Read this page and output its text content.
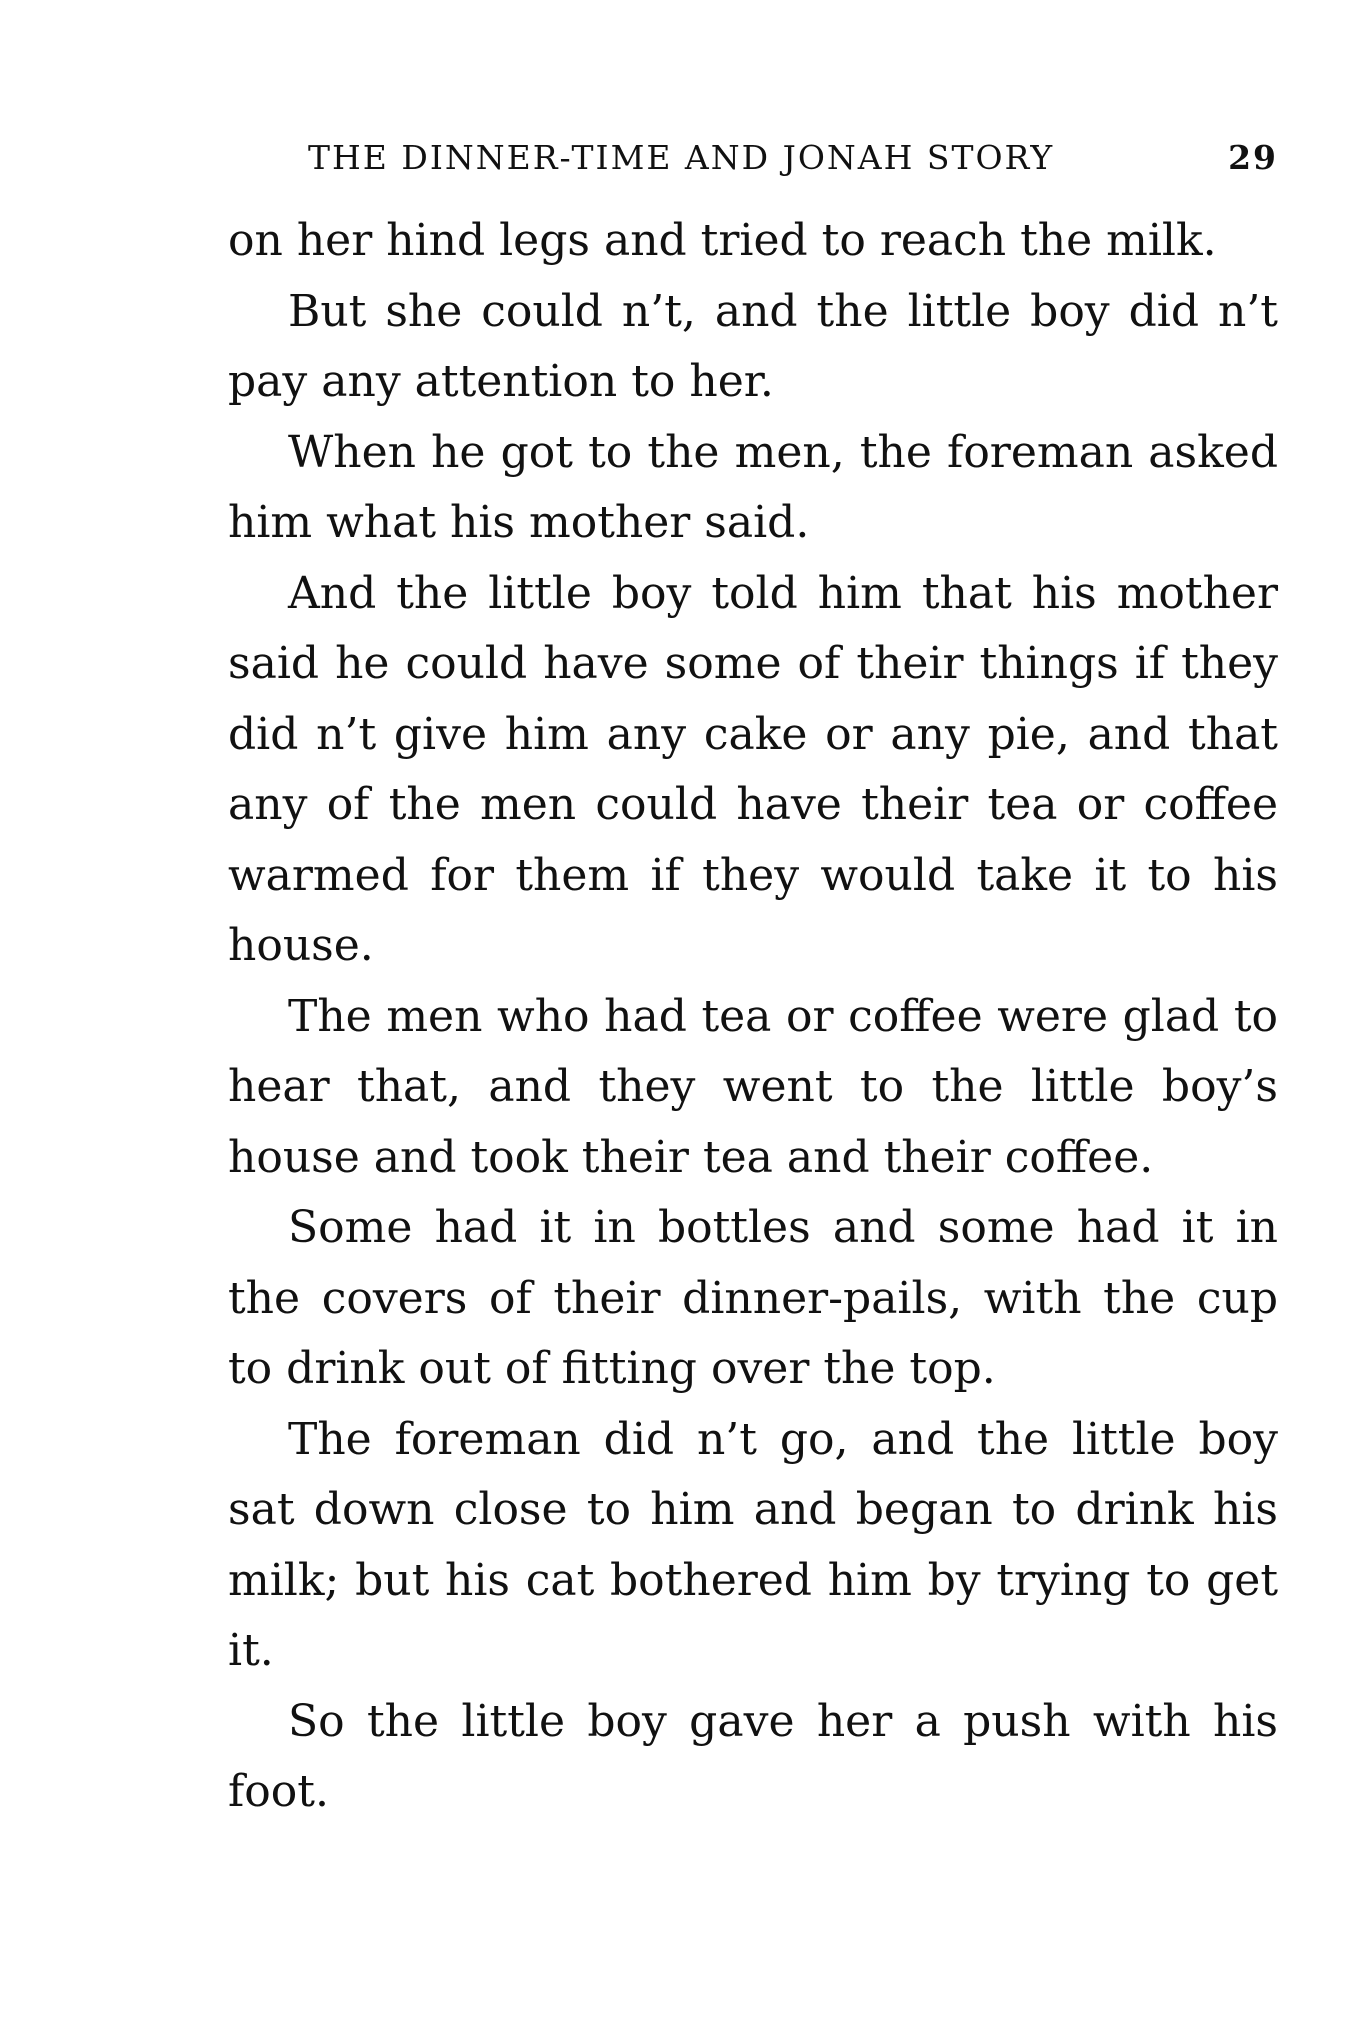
THE DINNER-TIME AND JONAH STORY	29

on her hind legs and tried to reach the milk.

But she could n’t, and the little boy did n’t pay any attention to her.

When he got to the men, the foreman asked him what his mother said.

And the little boy told him that his mother said he could have some of their things if they did n’t give him any cake or any pie, and that any of the men could have their tea or coffee warmed for them if they would take it to his house.

The men who had tea or coffee were glad to hear that, and they went to the little boy’s house and took their tea and their coffee.

Some had it in bottles and some had it in the covers of their dinner-pails, with the cup to drink out of fitting over the top.

The foreman did n’t go, and the little boy sat down close to him and began to drink his milk; but his cat bothered him by trying to get it.

So the little boy gave her a push with his foot.
